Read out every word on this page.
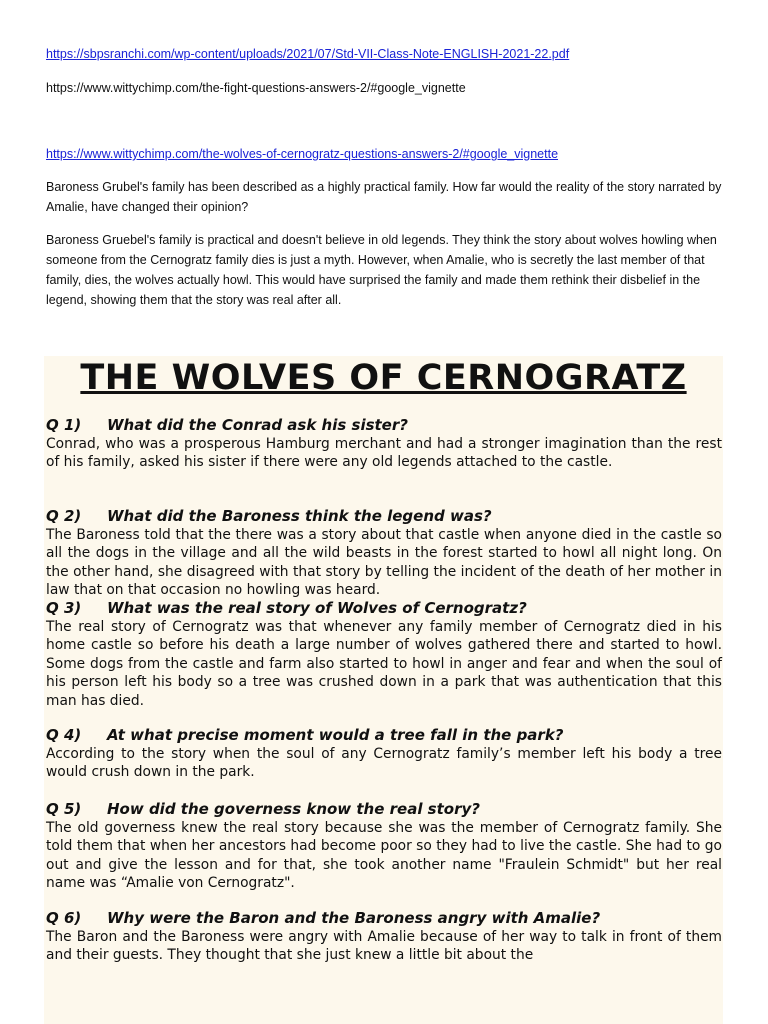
https://sbpsranchi.com/wp-content/uploads/2021/07/Std-VII-Class-Note-ENGLISH-2021-22.pdf
https://www.wittychimp.com/the-fight-questions-answers-2/#google_vignette
https://www.wittychimp.com/the-wolves-of-cernogratz-questions-answers-2/#google_vignette
Baroness Grubel's family has been described as a highly practical family. How far would the reality of the story narrated by Amalie, have changed their opinion?
Baroness Gruebel's family is practical and doesn't believe in old legends. They think the story about wolves howling when someone from the Cernogratz family dies is just a myth. However, when Amalie, who is secretly the last member of that family, dies, the wolves actually howl. This would have surprised the family and made them rethink their disbelief in the legend, showing them that the story was real after all.
THE WOLVES OF CERNOGRATZ
Q 1) What did the Conrad ask his sister?
Conrad, who was a prosperous Hamburg merchant and had a stronger imagination than the rest of his family, asked his sister if there were any old legends attached to the castle.
Q 2) What did the Baroness think the legend was?
The Baroness told that the there was a story about that castle when anyone died in the castle so all the dogs in the village and all the wild beasts in the forest started to howl all night long. On the other hand, she disagreed with that story by telling the incident of the death of her mother in law that on that occasion no howling was heard.
Q 3) What was the real story of Wolves of Cernogratz?
The real story of Cernogratz was that whenever any family member of Cernogratz died in his home castle so before his death a large number of wolves gathered there and started to howl. Some dogs from the castle and farm also started to howl in anger and fear and when the soul of his person left his body so a tree was crushed down in a park that was authentication that this man has died.
Q 4) At what precise moment would a tree fall in the park?
According to the story when the soul of any Cernogratz family’s member left his body a tree would crush down in the park.
Q 5) How did the governess know the real story?
The old governess knew the real story because she was the member of Cernogratz family. She told them that when her ancestors had become poor so they had to live the castle. She had to go out and give the lesson and for that, she took another name "Fraulein Schmidt" but her real name was “Amalie von Cernogratz".
Q 6) Why were the Baron and the Baroness angry with Amalie?
The Baron and the Baroness were angry with Amalie because of her way to talk in front of them and their guests. They thought that she just knew a little bit about the
